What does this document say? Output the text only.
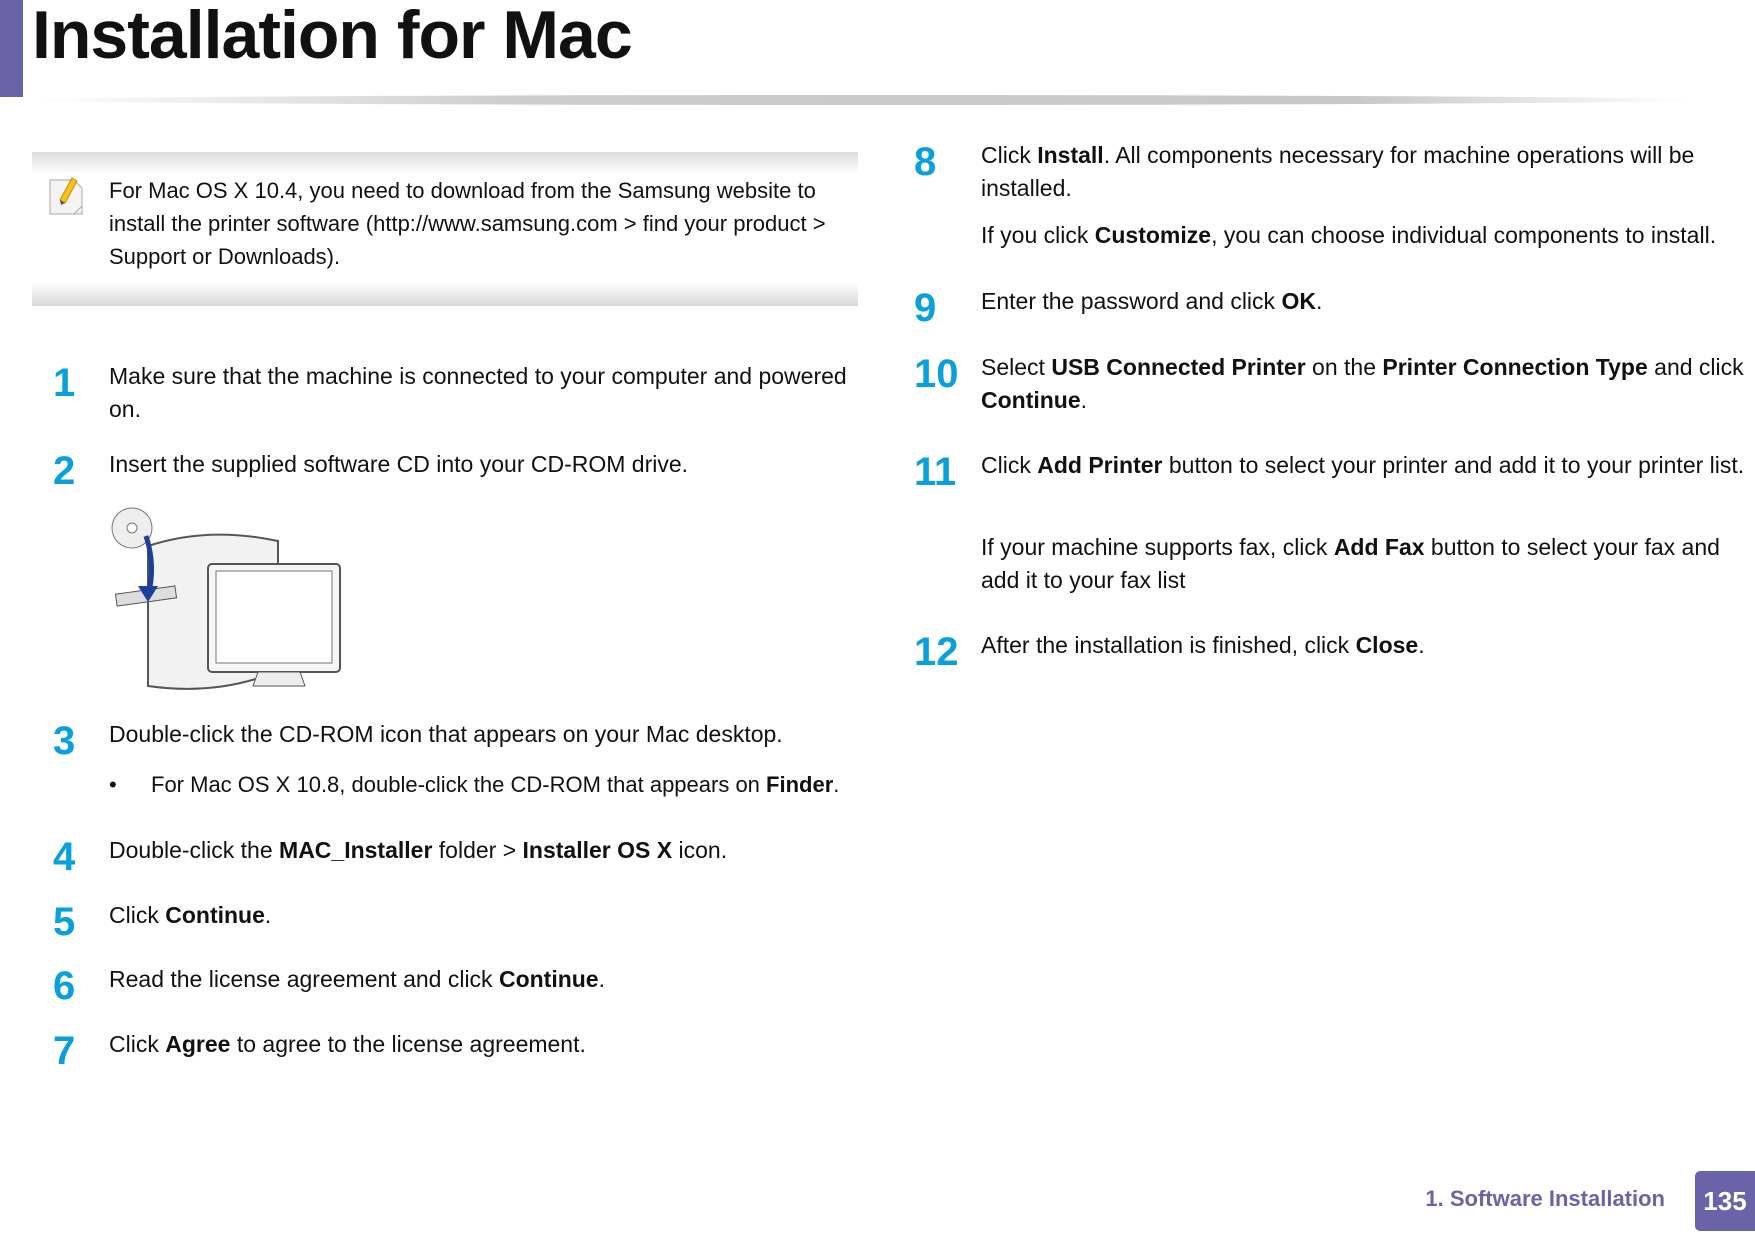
Installation for Mac
For Mac OS X 10.4, you need to download from the Samsung website to install the printer software (http://www.samsung.com > find your product > Support or Downloads).
1 Make sure that the machine is connected to your computer and powered on.
2 Insert the supplied software CD into your CD-ROM drive.
3 Double-click the CD-ROM icon that appears on your Mac desktop.
• For Mac OS X 10.8, double-click the CD-ROM that appears on Finder.
4 Double-click the MAC_Installer folder > Installer OS X icon.
5 Click Continue.
6 Read the license agreement and click Continue.
7 Click Agree to agree to the license agreement.
8 Click Install. All components necessary for machine operations will be installed.
If you click Customize, you can choose individual components to install.
9 Enter the password and click OK.
10 Select USB Connected Printer on the Printer Connection Type and click Continue.
11 Click Add Printer button to select your printer and add it to your printer list.
If your machine supports fax, click Add Fax button to select your fax and add it to your fax list
12 After the installation is finished, click Close.
1. Software Installation	135
